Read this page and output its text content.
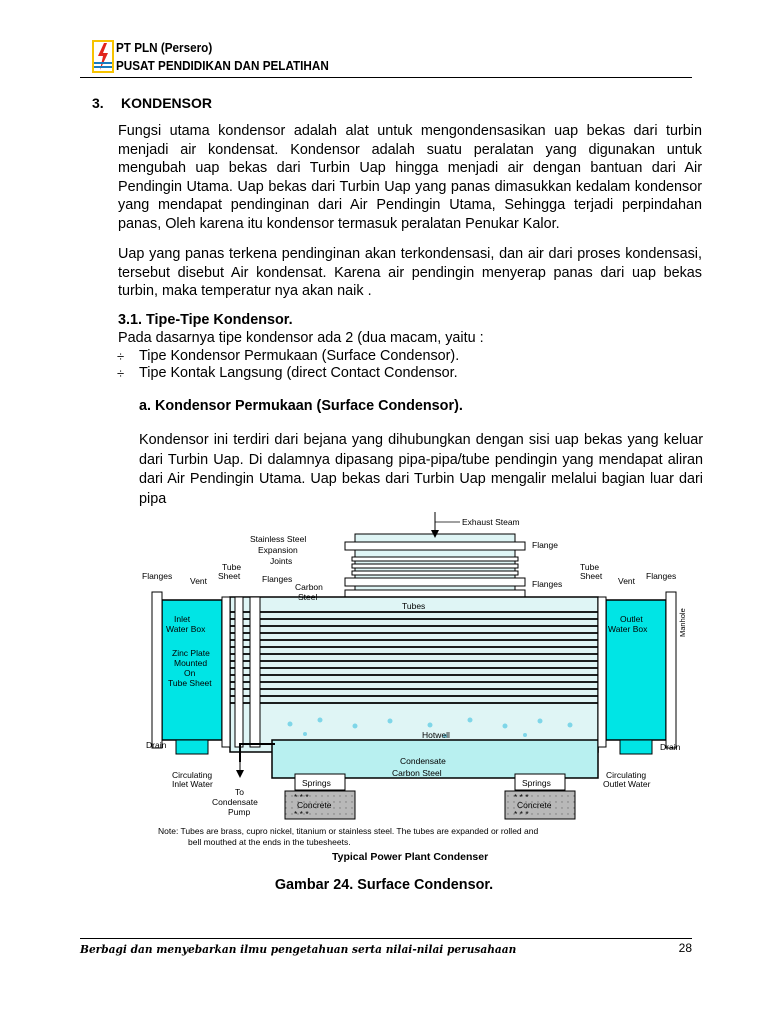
PT PLN (Persero)
PUSAT PENDIDIKAN DAN PELATIHAN
3. KONDENSOR
Fungsi utama kondensor adalah alat untuk mengondensasikan uap bekas dari turbin menjadi air kondensat. Kondensor adalah suatu peralatan yang digunakan untuk mengubah uap bekas dari Turbin Uap hingga menjadi air dengan bantuan dari Air Pendingin Utama. Uap bekas dari Turbin Uap yang panas dimasukkan kedalam kondensor yang mendapat pendinginan dari Air Pendingin Utama, Sehingga terjadi perpindahan panas, Oleh karena itu kondensor termasuk peralatan Penukar Kalor.
Uap yang panas terkena pendinginan akan terkondensasi, dan air dari proses kondensasi, tersebut disebut Air kondensat. Karena air pendingin menyerap panas dari uap bekas turbin, maka temperatur nya akan naik .
3.1. Tipe-Tipe Kondensor.
Pada dasarnya tipe kondensor ada 2 (dua macam, yaitu :
÷ Tipe Kondensor Permukaan (Surface Condensor).
÷ Tipe Kontak Langsung (direct Contact Condensor.
a. Kondensor Permukaan (Surface Condensor).
Kondensor ini terdiri dari bejana yang dihubungkan dengan sisi uap bekas yang keluar dari Turbin Uap. Di dalamnya dipasang pipa-pipa/tube pendingin yang mendapat aliran dari Air Pendingin Utama. Uap bekas dari Turbin Uap mengalir melalui bagian luar dari pipa
Exhaust Steam
Stainless Steel
Expansion
Joints
Flange
Flanges
Flanges
Carbon
Steel
Tube
Sheet
Flanges Vent
Tube
Sheet Vent Flanges
Tubes
Inlet
Water Box
Outlet
Water Box
Zinc Plate
Mounted
On
Tube Sheet
Hotwell
Condensate
Carbon Steel
Drain	Drain
Circulating
Inlet Water
Circulating
Outlet Water
To
Condensate
Pump
Springs	Springs
Concrete	Concrete
* * *
* * *
* * *
* * *
Note: Tubes are brass, cupro nickel, titanium or stainless steel. The tubes are expanded or rolled and
bell mouthed at the ends in the tubesheets.
Manhole
Typical Power Plant Condenser
Gambar 24. Surface Condensor.
Berbagi dan menyebarkan ilmu pengetahuan serta nilai-nilai perusahaan	28
